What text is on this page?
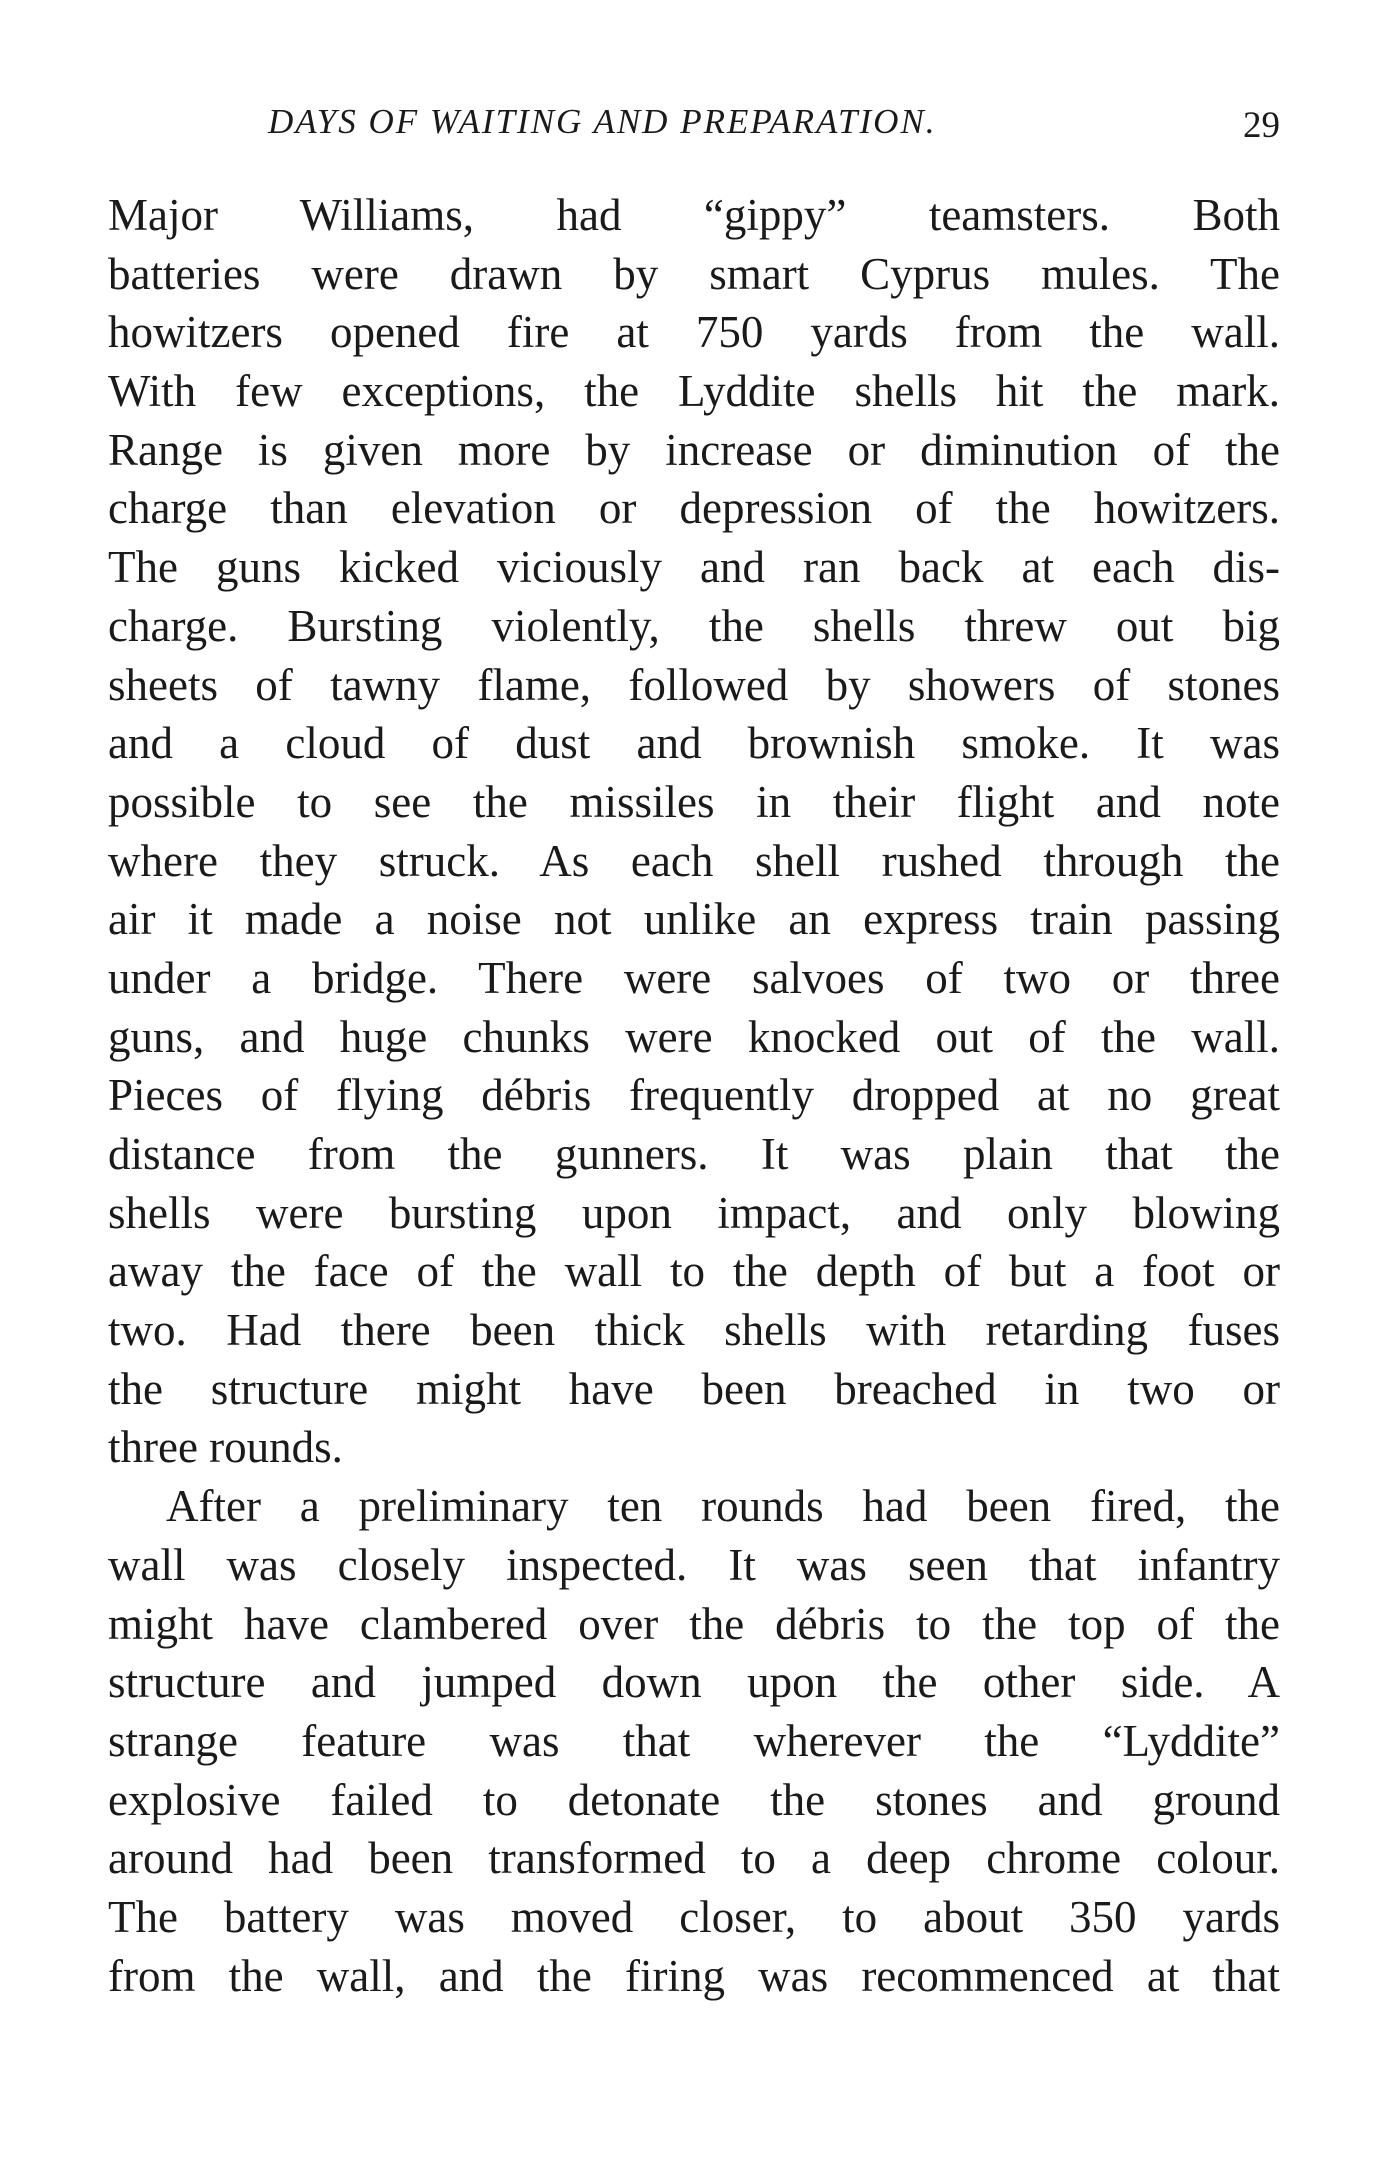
DAYS OF WAITING AND PREPARATION.	29
Major Williams, had “gippy” teamsters. Both
batteries were drawn by smart Cyprus mules. The
howitzers opened fire at 750 yards from the wall.
With few exceptions, the Lyddite shells hit the mark.
Range is given more by increase or diminution of the
charge than elevation or depression of the howitzers.
The guns kicked viciously and ran back at each dis-
charge. Bursting violently, the shells threw out big
sheets of tawny flame, followed by showers of stones
and a cloud of dust and brownish smoke. It was
possible to see the missiles in their flight and note
where they struck. As each shell rushed through the
air it made a noise not unlike an express train passing
under a bridge. There were salvoes of two or three
guns, and huge chunks were knocked out of the wall.
Pieces of flying débris frequently dropped at no great
distance from the gunners. It was plain that the
shells were bursting upon impact, and only blowing
away the face of the wall to the depth of but a foot or
two. Had there been thick shells with retarding fuses
the structure might have been breached in two or
three rounds.
After a preliminary ten rounds had been fired, the
wall was closely inspected. It was seen that infantry
might have clambered over the débris to the top of the
structure and jumped down upon the other side. A
strange feature was that wherever the “Lyddite”
explosive failed to detonate the stones and ground
around had been transformed to a deep chrome colour.
The battery was moved closer, to about 350 yards
from the wall, and the firing was recommenced at that
